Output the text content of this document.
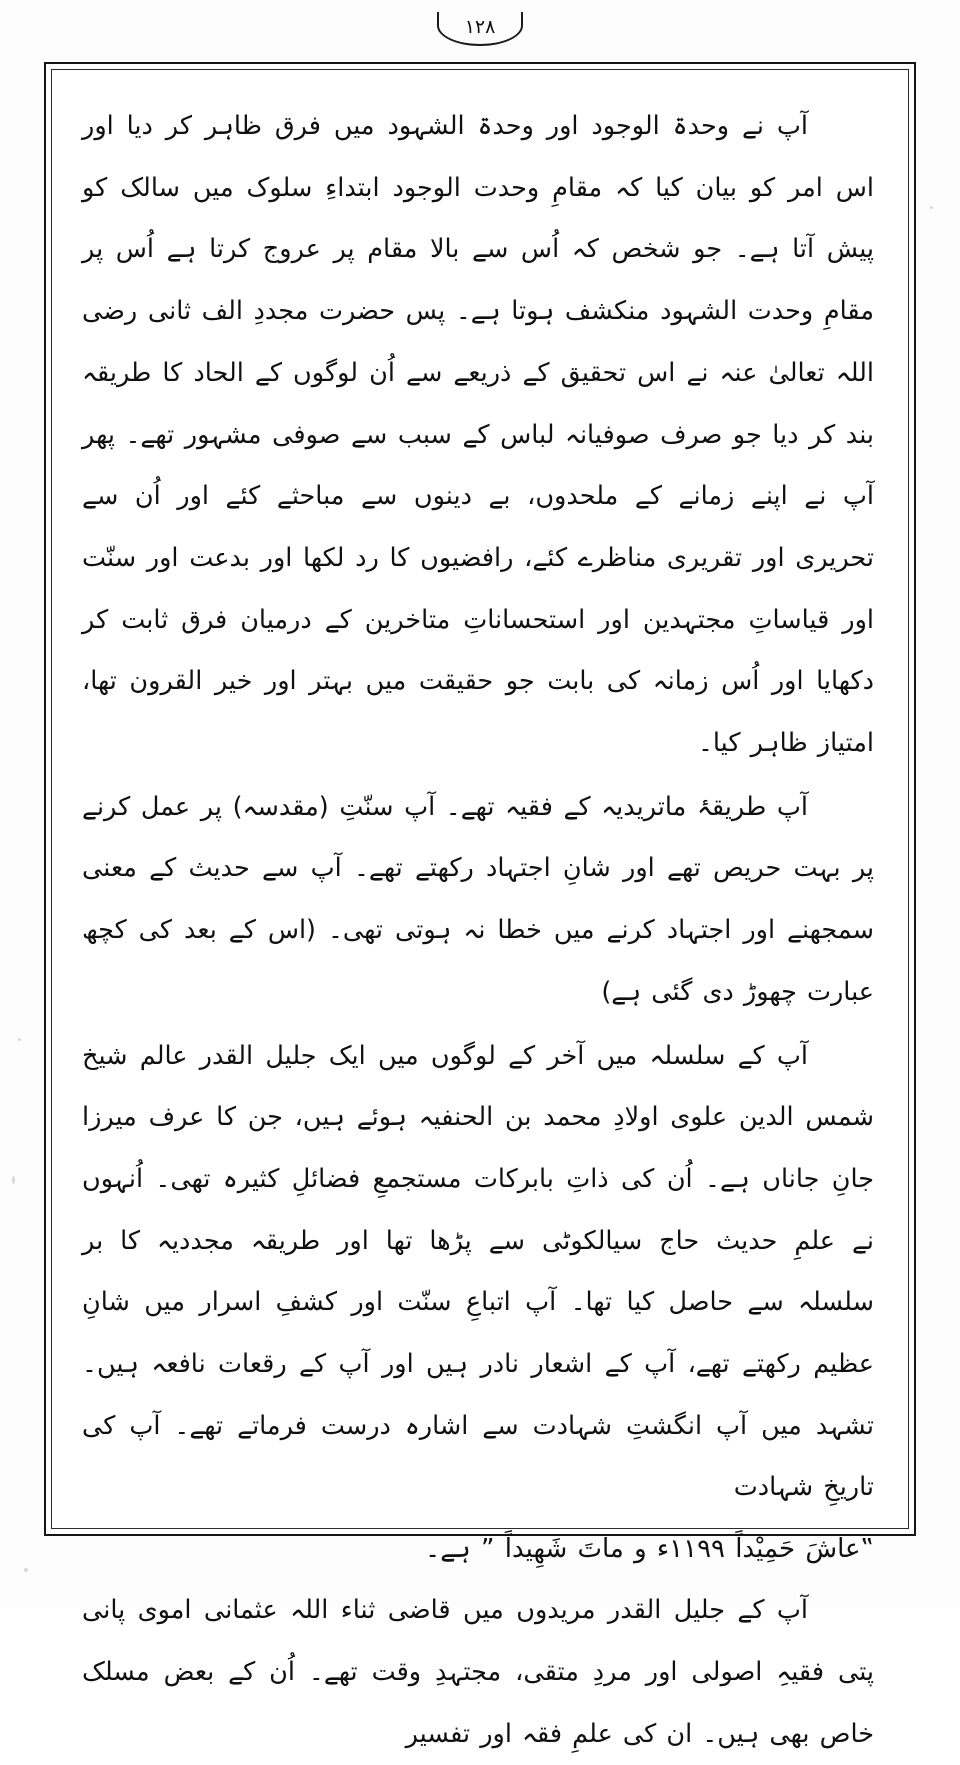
۱۲۸

آپ نے وحدۃ الوجود اور وحدۃ الشہود میں فرق ظاہر کر دیا اور اس امر کو بیان کیا کہ مقامِ وحدت الوجود ابتداءِ سلوک میں سالک کو پیش آتا ہے۔ جو شخص کہ اُس سے بالا مقام پر عروج کرتا ہے اُس پر مقامِ وحدت الشہود منکشف ہوتا ہے۔ پس حضرت مجددِ الف ثانی رضی اللہ تعالیٰ عنہ نے اس تحقیق کے ذریعے سے اُن لوگوں کے الحاد کا طریقہ بند کر دیا جو صرف صوفیانہ لباس کے سبب سے صوفی مشہور تھے۔ پھر آپ نے اپنے زمانے کے ملحدوں، بے دینوں سے مباحثے کئے اور اُن سے تحریری اور تقریری مناظرے کئے، رافضیوں کا رد لکھا اور بدعت اور سنّت اور قیاساتِ مجتہدین اور استحساناتِ متاخرین کے درمیان فرق ثابت کر دکھایا اور اُس زمانہ کی بابت جو حقیقت میں بہتر اور خیر القرون تھا، امتیاز ظاہر کیا۔

آپ طریقۂ ماتریدیہ کے فقیہ تھے۔ آپ سنّتِ (مقدسہ) پر عمل کرنے پر بہت حریص تھے اور شانِ اجتہاد رکھتے تھے۔ آپ سے حدیث کے معنی سمجھنے اور اجتہاد کرنے میں خطا نہ ہوتی تھی۔ (اس کے بعد کی کچھ عبارت چھوڑ دی گئی ہے)

آپ کے سلسلہ میں آخر کے لوگوں میں ایک جلیل القدر عالم شیخ شمس الدین علوی اولادِ محمد بن الحنفیہ ہوئے ہیں، جن کا عرف میرزا جانِ جاناں ہے۔ اُن کی ذاتِ بابرکات مستجمعِ فضائلِ کثیرہ تھی۔ اُنہوں نے علمِ حدیث حاج سیالکوٹی سے پڑھا تھا اور طریقہ مجددیہ کا بر سلسلہ سے حاصل کیا تھا۔ آپ اتباعِ سنّت اور کشفِ اسرار میں شانِ عظیم رکھتے تھے، آپ کے اشعار نادر ہیں اور آپ کے رقعات نافعہ ہیں۔ تشہد میں آپ انگشتِ شہادت سے اشارہ درست فرماتے تھے۔ آپ کی تاریخِ شہادت

‟عاشَ حَمِیْداً ۱۱۹۹ء و ماتَ شَھِیداً ” ہے۔

آپ کے جلیل القدر مریدوں میں قاضی ثناء اللہ عثمانی اموی پانی پتی فقیہِ اصولی اور مردِ متقی، مجتہدِ وقت تھے۔ اُن کے بعض مسلک خاص بھی ہیں۔ ان کی علمِ فقہ اور تفسیر
